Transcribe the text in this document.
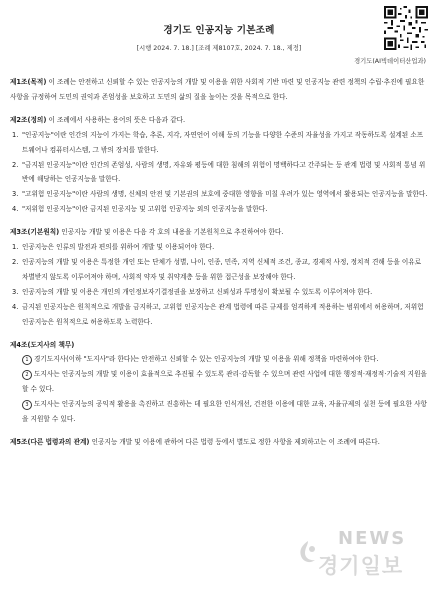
경기도 인공지능 기본조례
[시행 2024. 7. 18.] [조례 제8107호, 2024. 7. 18., 제정]
경기도(AI빅데이터산업과)

제1조(목적) 이 조례는 안전하고 신뢰할 수 있는 인공지능의 개발 및 이용을 위한 사회적 기반 마련 및 인공지능 관련 정책의 수립·추진에 필요한 사항을 규정하여 도민의 권익과 존엄성을 보호하고 도민의 삶의 질을 높이는 것을 목적으로 한다.

제2조(정의) 이 조례에서 사용하는 용어의 뜻은 다음과 같다.

1. "인공지능"이란 인간의 지능이 가지는 학습, 추론, 지각, 자연언어 이해 등의 기능을 다양한 수준의 자율성을 가지고 작동하도록 설계된 소프트웨어나 컴퓨터시스템, 그 밖의 장치를 말한다.
2. "금지된 인공지능"이란 인간의 존엄성, 사람의 생명, 자유와 평등에 대한 침해의 위험이 명백하다고 간주되는 등 관계 법령 및 사회적 통념 위반에 해당하는 인공지능을 말한다.
3. "고위험 인공지능"이란 사람의 생명, 신체의 안전 및 기본권의 보호에 중대한 영향을 미칠 우려가 있는 영역에서 활용되는 인공지능을 말한다.
4. "저위험 인공지능"이란 금지된 인공지능 및 고위험 인공지능 외의 인공지능을 말한다.

제3조(기본원칙) 인공지능 개발 및 이용은 다음 각 호의 내용을 기본원칙으로 추진하여야 한다.

1. 인공지능은 인류의 발전과 편의를 위하여 개발 및 이용되어야 한다.
2. 인공지능의 개발 및 이용은 특정한 개인 또는 단체가 성별, 나이, 인종, 민족, 지역 신체적 조건, 종교, 경제적 사정, 정치적 견해 등을 이유로 차별받지 않도록 이루어져야 하며, 사회적 약자 및 취약계층 등을 위한 접근성을 보장해야 한다.
3. 인공지능의 개발 및 이용은 개인의 개인정보자기결정권을 보장하고 신뢰성과 투명성이 확보될 수 있도록 이루어져야 한다.
4. 금지된 인공지능은 원칙적으로 개발을 금지하고, 고위험 인공지능은 관계 법령에 따른 규제를 엄격하게 적용하는 범위에서 허용하며, 저위험 인공지능은 원칙적으로 허용하도록 노력한다.

제4조(도지사의 책무)

1 경기도지사(이하 "도지사"라 한다)는 안전하고 신뢰할 수 있는 인공지능의 개발 및 이용을 위해 정책을 마련하여야 한다.
2 도지사는 인공지능의 개발 및 이용이 효율적으로 추진될 수 있도록 관리·감독할 수 있으며 관련 사업에 대한 행정적·재정적·기술적 지원을 할 수 있다.
3 도지사는 인공지능의 공익적 활용을 촉진하고 진흥하는 데 필요한 인식개선, 건전한 이용에 대한 교육, 자율규제의 실천 등에 필요한 사항을 지원할 수 있다.

제5조(다른 법령과의 관계) 인공지능 개발 및 이용에 관하여 다른 법령 등에서 별도로 정한 사항을 제외하고는 이 조례에 따른다.

NEWS
경기일보
